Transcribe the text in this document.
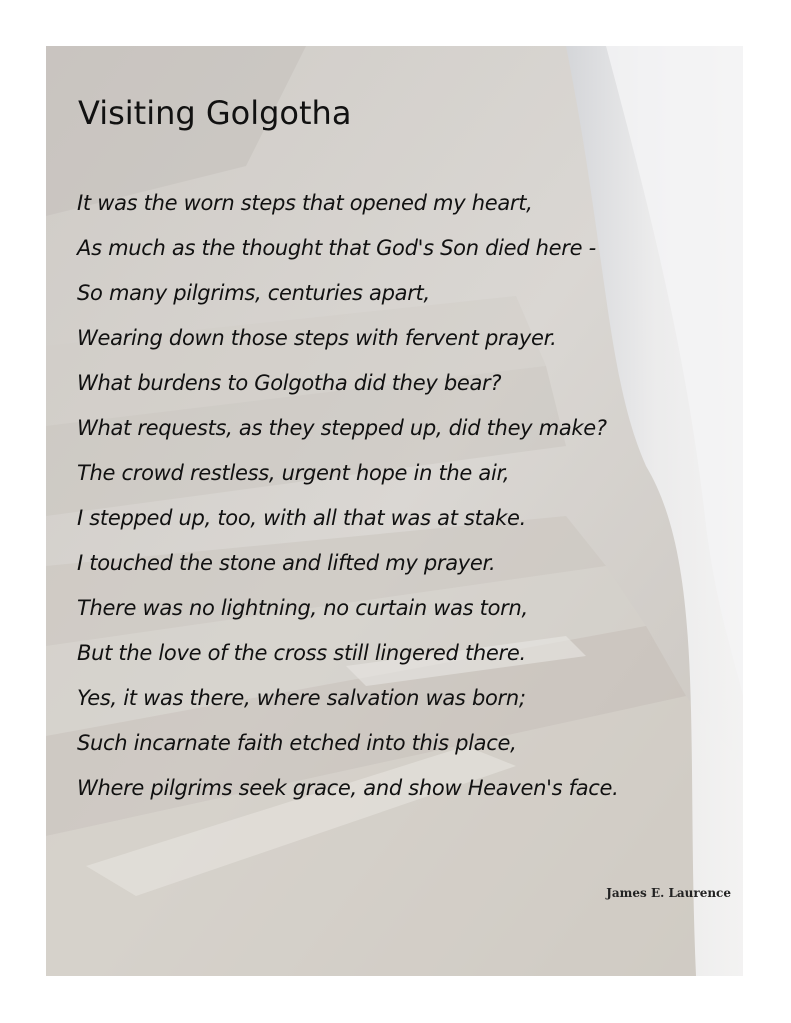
Visiting Golgotha
It was the worn steps that opened my heart,
As much as the thought that God's Son died here -
So many pilgrims, centuries apart,
Wearing down those steps with fervent prayer.
What burdens to Golgotha did they bear?
What requests, as they stepped up, did they make?
The crowd restless, urgent hope in the air,
I stepped up, too, with all that was at stake.
I touched the stone and lifted my prayer.
There was no lightning, no curtain was torn,
But the love of the cross still lingered there.
Yes, it was there, where salvation was born;
Such incarnate faith etched into this place,
Where pilgrims seek grace, and show Heaven's face.

James E. Laurence
